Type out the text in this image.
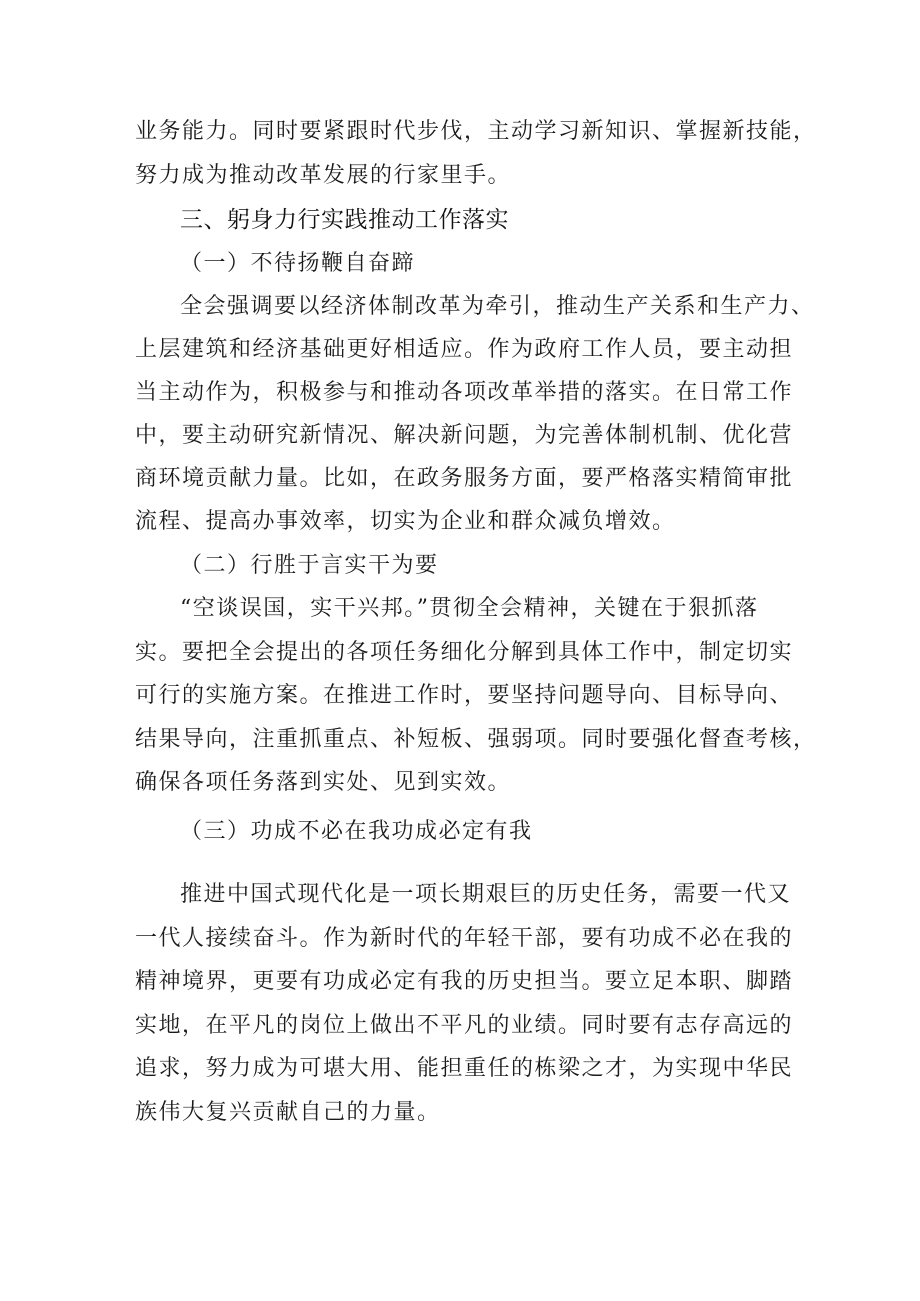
业务能力。同时要紧跟时代步伐，主动学习新知识、掌握新技能，
努力成为推动改革发展的行家里手。
三、躬身力行实践推动工作落实
（一）不待扬鞭自奋蹄
全会强调要以经济体制改革为牵引，推动生产关系和生产力、
上层建筑和经济基础更好相适应。作为政府工作人员，要主动担
当主动作为，积极参与和推动各项改革举措的落实。在日常工作
中，要主动研究新情况、解决新问题，为完善体制机制、优化营
商环境贡献力量。比如，在政务服务方面，要严格落实精简审批
流程、提高办事效率，切实为企业和群众减负增效。
（二）行胜于言实干为要
“空谈误国，实干兴邦。”贯彻全会精神，关键在于狠抓落
实。要把全会提出的各项任务细化分解到具体工作中，制定切实
可行的实施方案。在推进工作时，要坚持问题导向、目标导向、
结果导向，注重抓重点、补短板、强弱项。同时要强化督查考核，
确保各项任务落到实处、见到实效。
（三）功成不必在我功成必定有我
推进中国式现代化是一项长期艰巨的历史任务，需要一代又
一代人接续奋斗。作为新时代的年轻干部，要有功成不必在我的
精神境界，更要有功成必定有我的历史担当。要立足本职、脚踏
实地，在平凡的岗位上做出不平凡的业绩。同时要有志存高远的
追求，努力成为可堪大用、能担重任的栋梁之才，为实现中华民
族伟大复兴贡献自己的力量。
